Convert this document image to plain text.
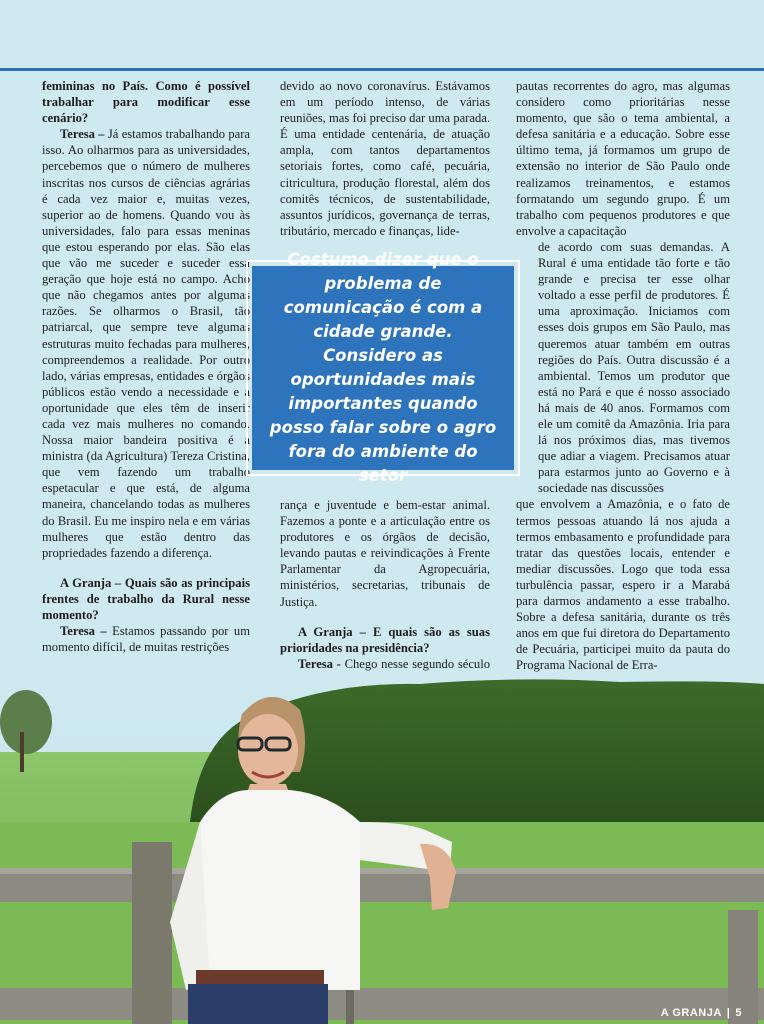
femininas no País. Como é possível trabalhar para modificar esse cenário?

Teresa – Já estamos trabalhando para isso. Ao olharmos para as universidades, percebemos que o número de mulheres inscritas nos cursos de ciências agrárias é cada vez maior e, muitas vezes, superior ao de homens. Quando vou às universidades, falo para essas meninas que estou esperando por elas. São elas que vão me suceder e suceder essa geração que hoje está no campo. Acho que não chegamos antes por algumas razões. Se olharmos o Brasil, tão patriarcal, que sempre teve algumas estruturas muito fechadas para mulheres, compreendemos a realidade. Por outro lado, várias empresas, entidades e órgãos públicos estão vendo a necessidade e a oportunidade que eles têm de inserir cada vez mais mulheres no comando. Nossa maior bandeira positiva é a ministra (da Agricultura) Tereza Cristina, que vem fazendo um trabalho espetacular e que está, de alguma maneira, chancelando todas as mulheres do Brasil. Eu me inspiro nela e em várias mulheres que estão dentro das propriedades fazendo a diferença.

A Granja – Quais são as principais frentes de trabalho da Rural nesse momento?

Teresa – Estamos passando por um momento difícil, de muitas restrições

devido ao novo coronavírus. Estávamos em um período intenso, de várias reuniões, mas foi preciso dar uma parada. É uma entidade centenária, de atuação ampla, com tantos departamentos setoriais fortes, como café, pecuária, citricultura, produção florestal, além dos comitês técnicos, de sustentabilidade, assuntos jurídicos, governança de terras, tributário, mercado e finanças, lide-

Costumo dizer que o problema de comunicação é com a cidade grande. Considero as oportunidades mais importantes quando posso falar sobre o agro fora do ambiente do setor

rança e juventude e bem-estar animal. Fazemos a ponte e a articulação entre os produtores e os órgãos de decisão, levando pautas e reivindicações à Frente Parlamentar da Agropecuária, ministérios, secretarias, tribunais de Justiça.

A Granja – E quais são as suas prioridades na presidência?

Teresa - Chego nesse segundo século

pautas recorrentes do agro, mas algumas considero como prioritárias nesse momento, que são o tema ambiental, a defesa sanitária e a educação. Sobre esse último tema, já formamos um grupo de extensão no interior de São Paulo onde realizamos treinamentos, e estamos formatando um segundo grupo. É um trabalho com pequenos produtores e que envolve a capacitação

de acordo com suas demandas. A Rural é uma entidade tão forte e tão grande e precisa ter esse olhar voltado a esse perfil de produtores. É uma aproximação. Iniciamos com esses dois grupos em São Paulo, mas queremos atuar também em outras regiões do País. Outra discussão é a ambiental. Temos um produtor que está no Pará e que é nosso associado há mais de 40 anos. Formamos com ele um comitê da Amazônia. Iria para lá nos próximos dias, mas tivemos que adiar a viagem. Precisamos atuar para estarmos junto ao Governo e à sociedade nas discussões

que envolvem a Amazônia, e o fato de termos pessoas atuando lá nos ajuda a termos embasamento e profundidade para tratar das questões locais, entender e mediar discussões. Logo que toda essa turbulência passar, espero ir a Marabá para darmos andamento a esse trabalho. Sobre a defesa sanitária, durante os três anos em que fui diretora do Departamento de Pecuária, participei muito da pauta do Programa Nacional de Erra-

A GRANJA | 5
